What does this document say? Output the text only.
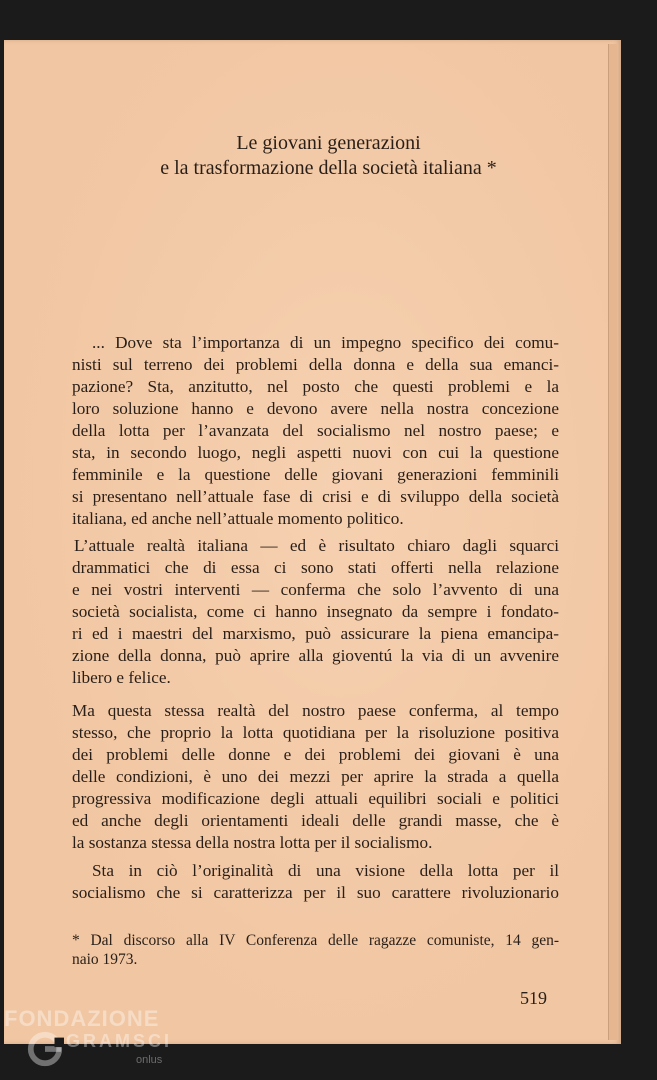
Le giovani generazioni
e la trasformazione della società italiana *
... Dove sta l’importanza di un impegno specifico dei comu-
nisti sul terreno dei problemi della donna e della sua emanci-
pazione? Sta, anzitutto, nel posto che questi problemi e la
loro soluzione hanno e devono avere nella nostra concezione
della lotta per l’avanzata del socialismo nel nostro paese; e
sta, in secondo luogo, negli aspetti nuovi con cui la questione
femminile e la questione delle giovani generazioni femminili
si presentano nell’attuale fase di crisi e di sviluppo della società
italiana, ed anche nell’attuale momento politico.
L’attuale realtà italiana — ed è risultato chiaro dagli squarci
drammatici che di essa ci sono stati offerti nella relazione
e nei vostri interventi — conferma che solo l’avvento di una
società socialista, come ci hanno insegnato da sempre i fondato-
ri ed i maestri del marxismo, può assicurare la piena emancipa-
zione della donna, può aprire alla gioventú la via di un avvenire
libero e felice.
Ma questa stessa realtà del nostro paese conferma, al tempo
stesso, che proprio la lotta quotidiana per la risoluzione positiva
dei problemi delle donne e dei problemi dei giovani è una
delle condizioni, è uno dei mezzi per aprire la strada a quella
progressiva modificazione degli attuali equilibri sociali e politici
ed anche degli orientamenti ideali delle grandi masse, che è
la sostanza stessa della nostra lotta per il socialismo.
Sta in ciò l’originalità di una visione della lotta per il
socialismo che si caratterizza per il suo carattere rivoluzionario
* Dal discorso alla IV Conferenza delle ragazze comuniste, 14 gen-
naio 1973.
519
FONDAZIONE
GRAMSCI
onlus
